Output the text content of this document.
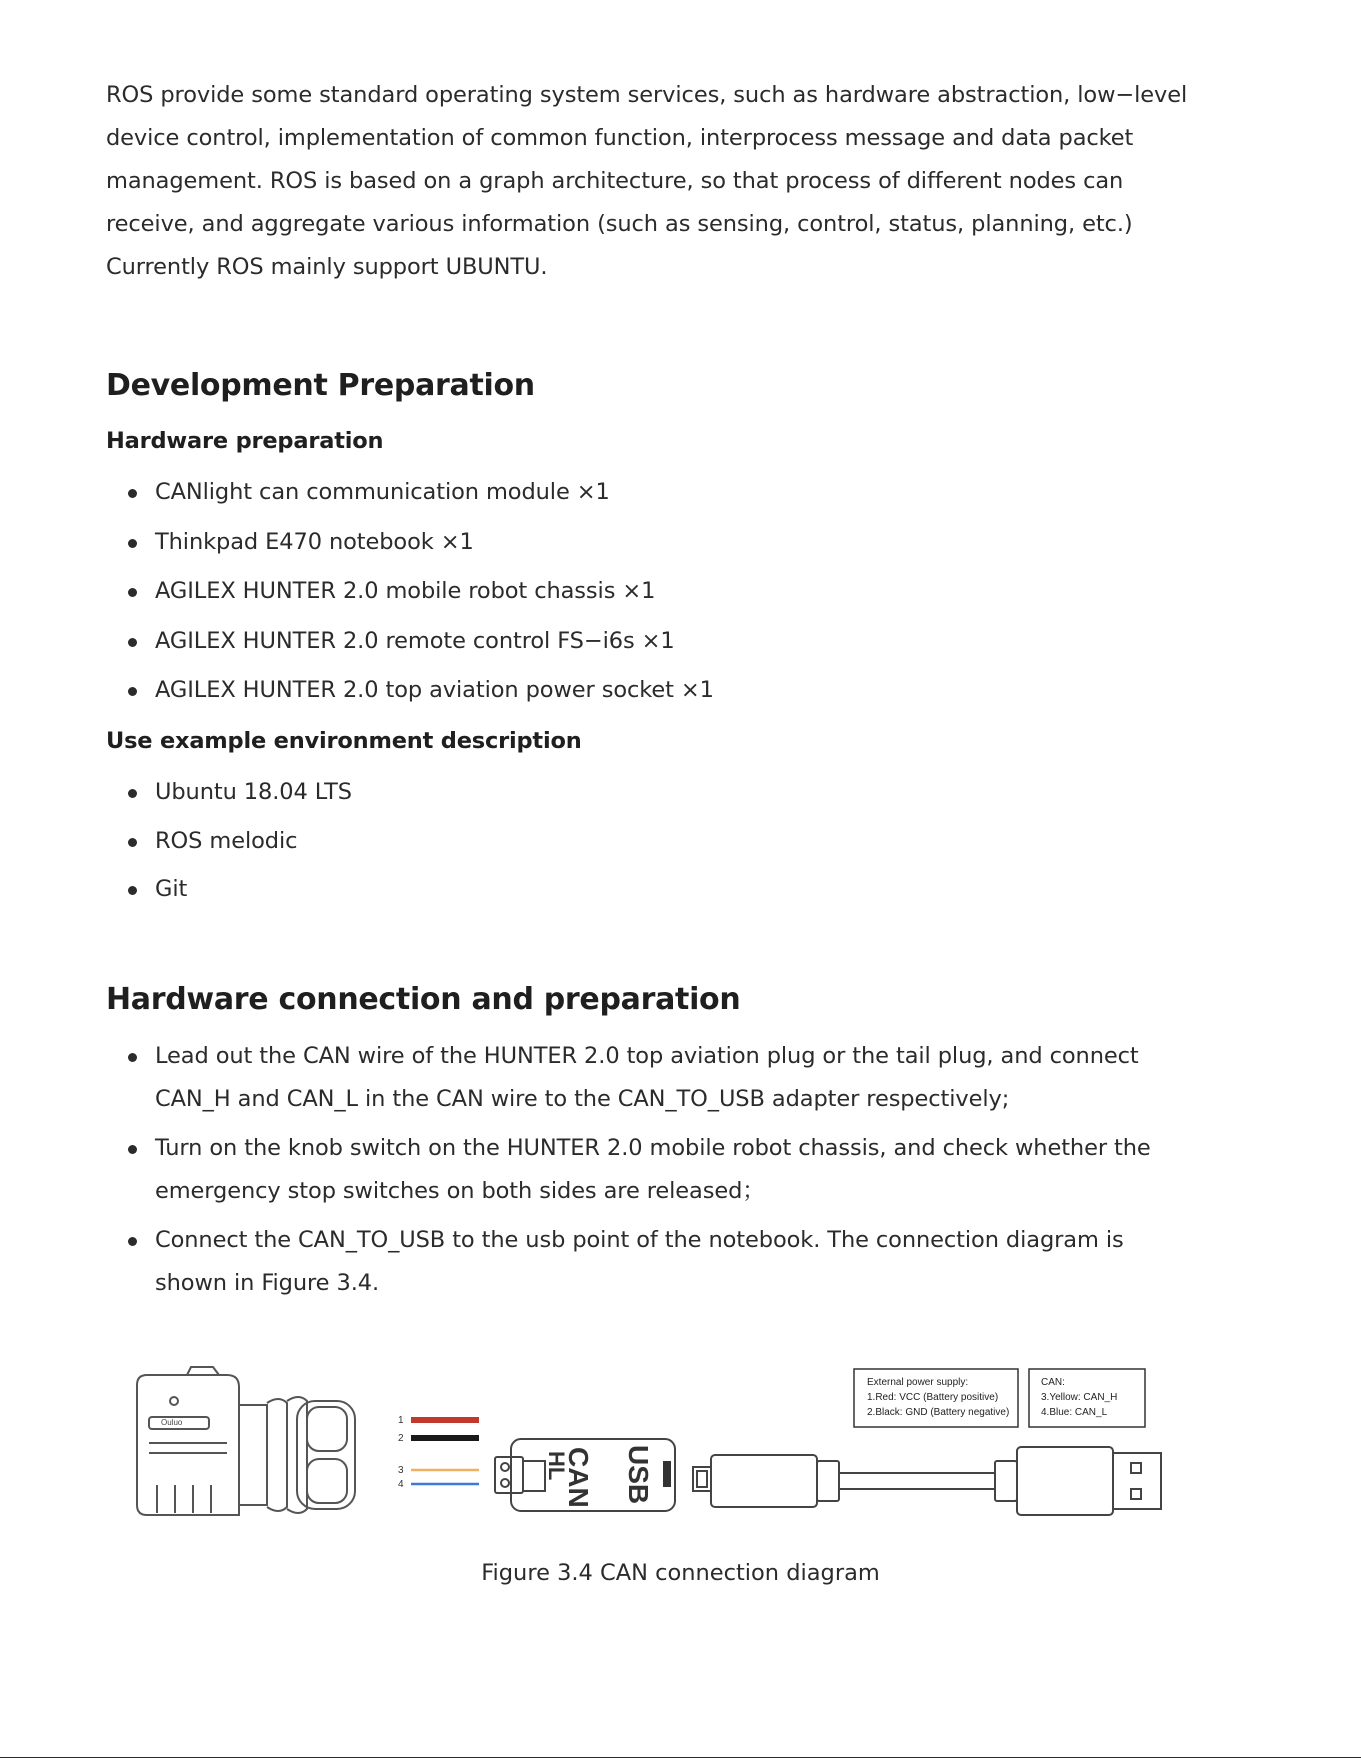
ROS provide some standard operating system services, such as hardware abstraction, low−level

device control, implementation of common function, interprocess message and data packet

management. ROS is based on a graph architecture, so that process of different nodes can

receive, and aggregate various information (such as sensing, control, status, planning, etc.)

Currently ROS mainly support UBUNTU.

Development Preparation
Hardware preparation
CANlight can communication module ×1
Thinkpad E470 notebook ×1
AGILEX HUNTER 2.0 mobile robot chassis ×1
AGILEX HUNTER 2.0 remote control FS−i6s ×1
AGILEX HUNTER 2.0 top aviation power socket ×1
Use example environment description
Ubuntu 18.04 LTS
ROS melodic
Git
Hardware connection and preparation
Lead out the CAN wire of the HUNTER 2.0 top aviation plug or the tail plug, and connect
CAN_H and CAN_L in the CAN wire to the CAN_TO_USB adapter respectively;
Turn on the knob switch on the HUNTER 2.0 mobile robot chassis, and check whether the
emergency stop switches on both sides are released；
Connect the CAN_TO_USB to the usb point of the notebook. The connection diagram is
shown in Figure 3.4.
Ouluo	1
2
3
4	CAN
HL USB
External power supply:
1.Red: VCC (Battery positive)
2.Black: GND (Battery negative)
CAN:
3.Yellow: CAN_H
4.Blue: CAN_L
Figure 3.4 CAN connection diagram
